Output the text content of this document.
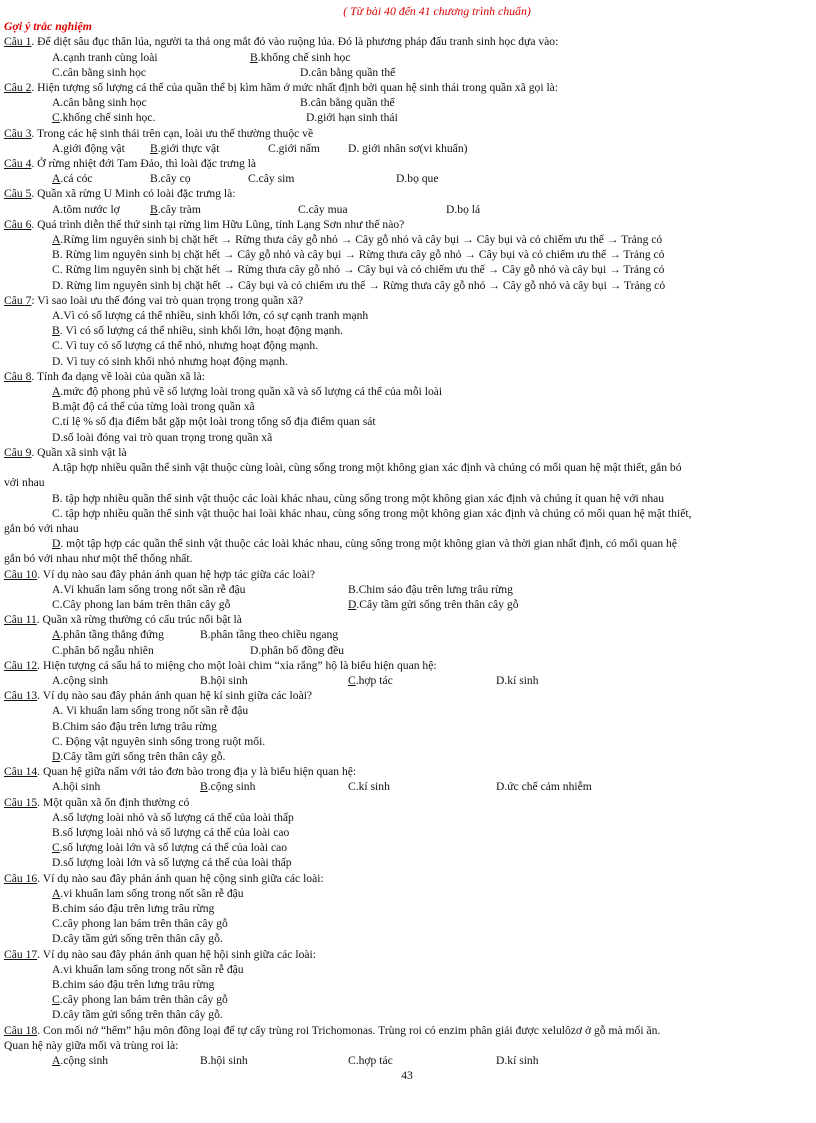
( Từ bài 40 đến 41 chương trình chuẩn)
Gợi ý trắc nghiệm
Câu 1. Để diệt sâu đục thân lúa, người ta thả ong mắt đỏ vào ruộng lúa. Đó là phương pháp đấu tranh sinh học dựa vào:
A.cạnh tranh cùng loài	B.khống chế sinh học
C.cân bằng sinh học	D.cân bằng quần thể
Câu 2. Hiện tượng số lượng cá thể của quần thể bị kìm hãm ở mức nhất định bởi quan hệ sinh thái trong quần xã gọi là:
A.cân bằng sinh học	B.cân bằng quần thể
C.khống chế sinh học.	D.giới hạn sinh thái
Câu 3. Trong các hệ sinh thái trên cạn, loài ưu thế thường thuộc về
A.giới động vật	B.giới thực vật	C.giới nấm	D. giới nhân sơ(vi khuẩn)
Câu 4. Ở rừng nhiệt đới Tam Đảo, thì loài đặc trưng là
A.cá cóc	B.cây cọ	C.cây sim	D.bọ que
Câu 5. Quần xã rừng U Minh có loài đặc trưng là:
A.tôm nước lợ	B.cây tràm	C.cây mua	D.bọ lá
Câu 6. Quá trình diễn thế thứ sinh tại rừng lim Hữu Lũng, tỉnh Lạng Sơn như thế nào?
A.Rừng lim nguyên sinh bị chặt hết → Rừng thưa cây gỗ nhỏ → Cây gỗ nhỏ và cây bụi → Cây bụi và cỏ chiếm ưu thế → Trảng cỏ
B. Rừng lim nguyên sinh bị chặt hết → Cây gỗ nhỏ và cây bụi → Rừng thưa cây gỗ nhỏ → Cây bụi và cỏ chiếm ưu thế → Trảng cỏ
C. Rừng lim nguyên sinh bị chặt hết → Rừng thưa cây gỗ nhỏ → Cây bụi và cỏ chiếm ưu thế → Cây gỗ nhỏ và cây bụi → Trảng cỏ
D. Rừng lim nguyên sinh bị chặt hết → Cây bụi và cỏ chiếm ưu thế → Rừng thưa cây gỗ nhỏ → Cây gỗ nhỏ và cây bụi → Trảng cỏ
Câu 7: Vì sao loài ưu thế đóng vai trò quan trọng trong quần xã?
A.Vì có số lượng cá thể nhiều, sinh khối lớn, có sự cạnh tranh mạnh
B. Vì có số lượng cá thể nhiều, sinh khối lớn, hoạt động mạnh.
C. Vì tuy có số lượng cá thể nhỏ, nhưng hoạt động mạnh.
D. Vì tuy có sinh khối nhỏ nhưng hoạt động mạnh.
Câu 8. Tính đa dạng về loài của quần xã là:
A.mức độ phong phú về số lượng loài trong quần xã và số lượng cá thể của mỗi loài
B.mật độ cá thể của từng loài trong quần xã
C.tỉ lệ % số địa điểm bắt gặp một loài trong tổng số địa điểm quan sát
D.số loài đóng vai trò quan trọng trong quần xã
Câu 9. Quần xã sinh vật là
A.tập hợp nhiều quần thể sinh vật thuộc cùng loài, cùng sống trong một không gian xác định và chúng có mối quan hệ mật thiết, gắn bó
với nhau
B. tập hợp nhiều quần thể sinh vật thuộc các loài khác nhau, cùng sống trong một không gian xác định và chúng ít quan hệ với nhau
C. tập hợp nhiều quần thể sinh vật thuộc hai loài khác nhau, cùng sống trong một không gian xác định và chúng có mối quan hệ mật thiết,
gắn bó với nhau
D. một tập hợp các quần thể sinh vật thuộc các loài khác nhau, cùng sống trong một không gian và thời gian nhất định, có mối quan hệ
gắn bó với nhau như một thể thống nhất.
Câu 10. Ví dụ nào sau đây phản ánh quan hệ hợp tác giữa các loài?
A.Vi khuẩn lam sống trong nốt sần rễ đậu	B.Chim sáo đậu trên lưng trâu rừng
C.Cây phong lan bám trên thân cây gỗ	D.Cây tầm gửi sống trên thân cây gỗ
Câu 11. Quần xã rừng thường có cấu trúc nổi bật là
A.phân tầng thẳng đứng	B.phân tầng theo chiều ngang
C.phân bố ngẫu nhiên	D.phân bố đồng đều
Câu 12. Hiện tượng cá sấu há to miệng cho một loài chim “xỉa răng” hộ là biểu hiện quan hệ:
A.cộng sinh	B.hội sinh	C.hợp tác	D.kí sinh
Câu 13. Ví dụ nào sau đây phản ánh quan hệ kí sinh giữa các loài?
A. Vi khuẩn lam sống trong nốt sần rễ đậu
B.Chim sáo đậu trên lưng trâu rừng
C. Động vật nguyên sinh sống trong ruột mối.
D.Cây tầm gửi sống trên thân cây gỗ.
Câu 14. Quan hệ giữa nấm với tảo đơn bào trong địa y là biểu hiện quan hệ:
A.hội sinh	B.cộng sinh	C.kí sinh	D.ức chế cảm nhiễm
Câu 15. Một quần xã ổn định thường có
A.số lượng loài nhỏ và số lượng cá thể của loài thấp
B.số lượng loài nhỏ và số lượng cá thể của loài cao
C.số lượng loài lớn và số lượng cá thể của loài cao
D.số lượng loài lớn và số lượng cá thể của loài thấp
Câu 16. Ví dụ nào sau đây phản ánh quan hệ cộng sinh giữa các loài:
A.vi khuẩn lam sống trong nốt sần rễ đậu
B.chim sáo đậu trên lưng trâu rừng
C.cây phong lan bám trên thân cây gỗ
D.cây tầm gửi sống trên thân cây gỗ.
Câu 17. Ví dụ nào sau đây phản ánh quan hệ hội sinh giữa các loài:
A.vi khuẩn lam sống trong nốt sần rễ đậu
B.chim sáo đậu trên lưng trâu rừng
C.cây phong lan bám trên thân cây gỗ
D.cây tầm gửi sống trên thân cây gỗ.
Câu 18. Con mối nở “hếm” hậu môn đồng loại để tự cấy trùng roi Trichomonas. Trùng roi có enzim phân giải được xelulôzơ ở gỗ mà mối ăn.
Quan hệ này giữa mối và trùng roi là:
A.cộng sinh	B.hội sinh	C.hợp tác	D.kí sinh
43
